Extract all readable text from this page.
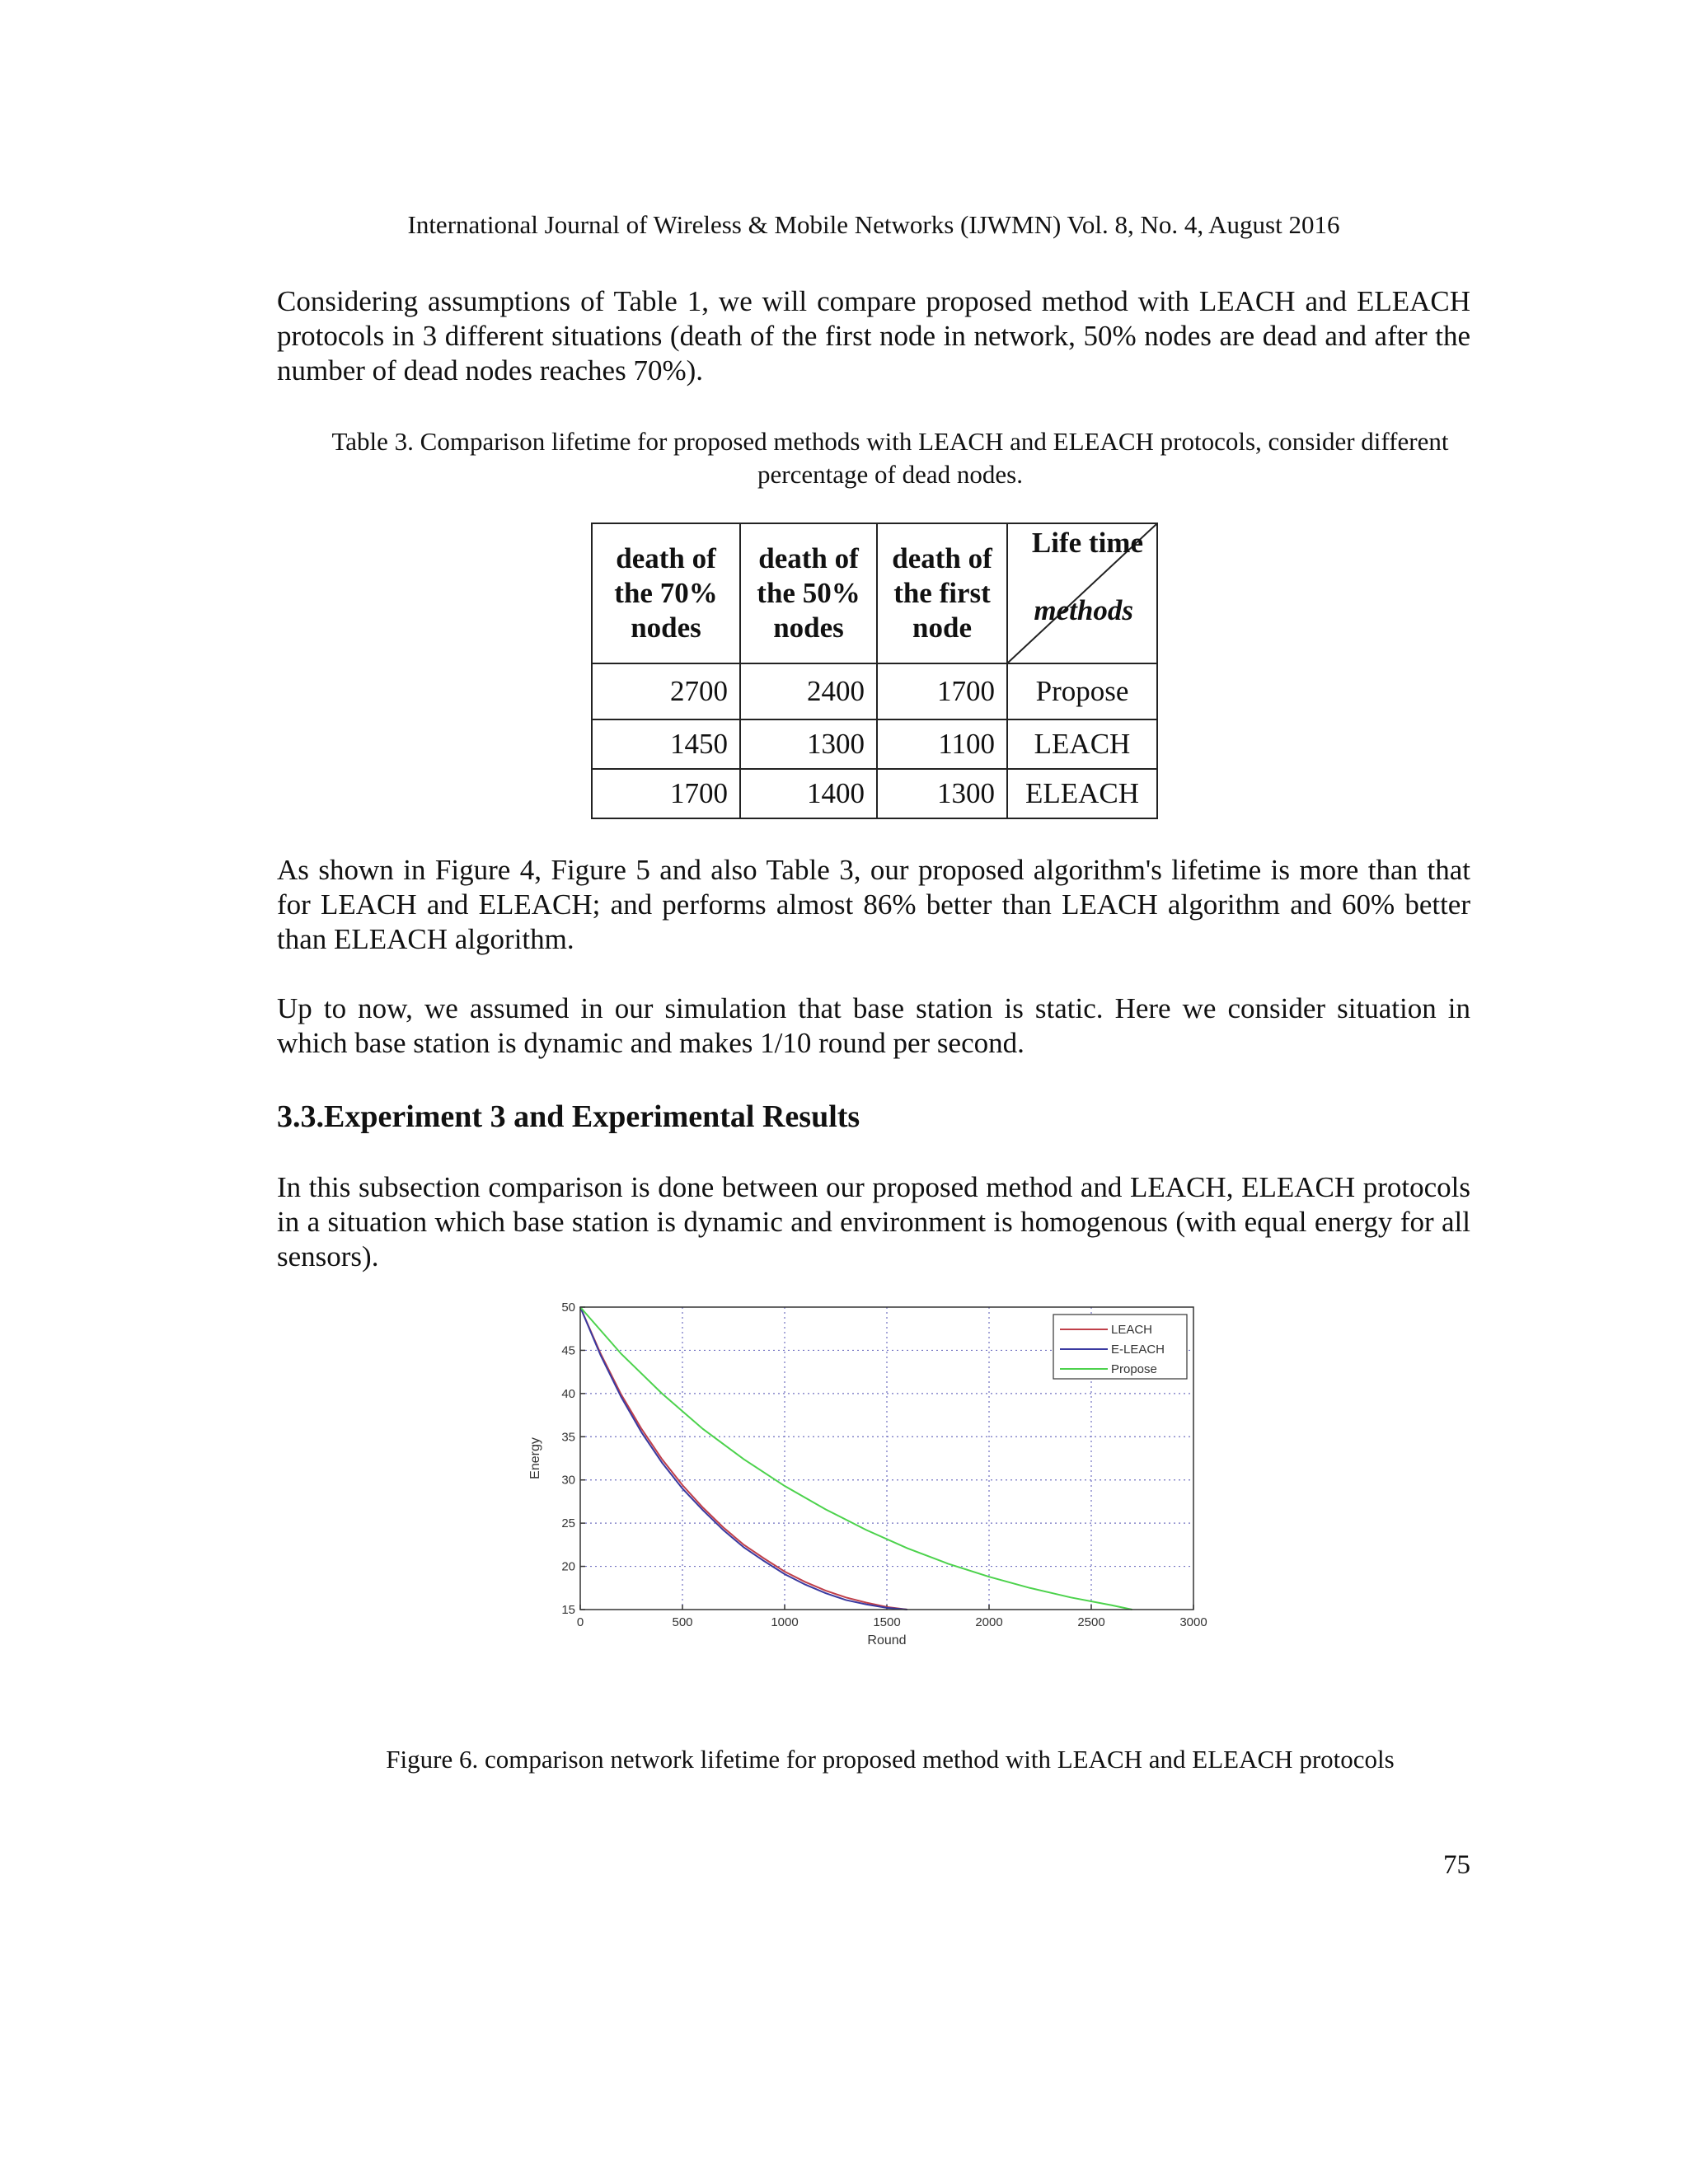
International Journal of Wireless & Mobile Networks (IJWMN) Vol. 8, No. 4, August 2016

Considering assumptions of Table 1, we will compare proposed method with LEACH and ELEACH protocols in 3 different situations (death of the first node in network, 50% nodes are dead and after the number of dead nodes reaches 70%).

Table 3. Comparison lifetime for proposed methods with LEACH and ELEACH protocols, consider different percentage of dead nodes.
death of the 70% nodes	death of the 50% nodes	death of the first node	Life time
methods

2700	2400	1700	Propose
1450	1300	1100	LEACH
1700	1400	1300	ELEACH

As shown in Figure 4, Figure 5 and also Table 3, our proposed algorithm's lifetime is more than that for LEACH and ELEACH; and performs almost 86% better than LEACH algorithm and 60% better than ELEACH algorithm.

Up to now, we assumed in our simulation that base station is static. Here we consider situation in which base station is dynamic and makes 1/10 round per second.

3.3.Experiment 3 and Experimental Results

In this subsection comparison is done between our proposed method and LEACH, ELEACH protocols in a situation which base station is dynamic and environment is homogenous (with equal energy for all sensors).

0	500	1000	1500	2000	2500	3000
15
20
25
30
35
40
45
50
Round
Energy
LEACH
E-LEACH
Propose
Figure 6. comparison network lifetime for proposed method with LEACH and ELEACH protocols
75
